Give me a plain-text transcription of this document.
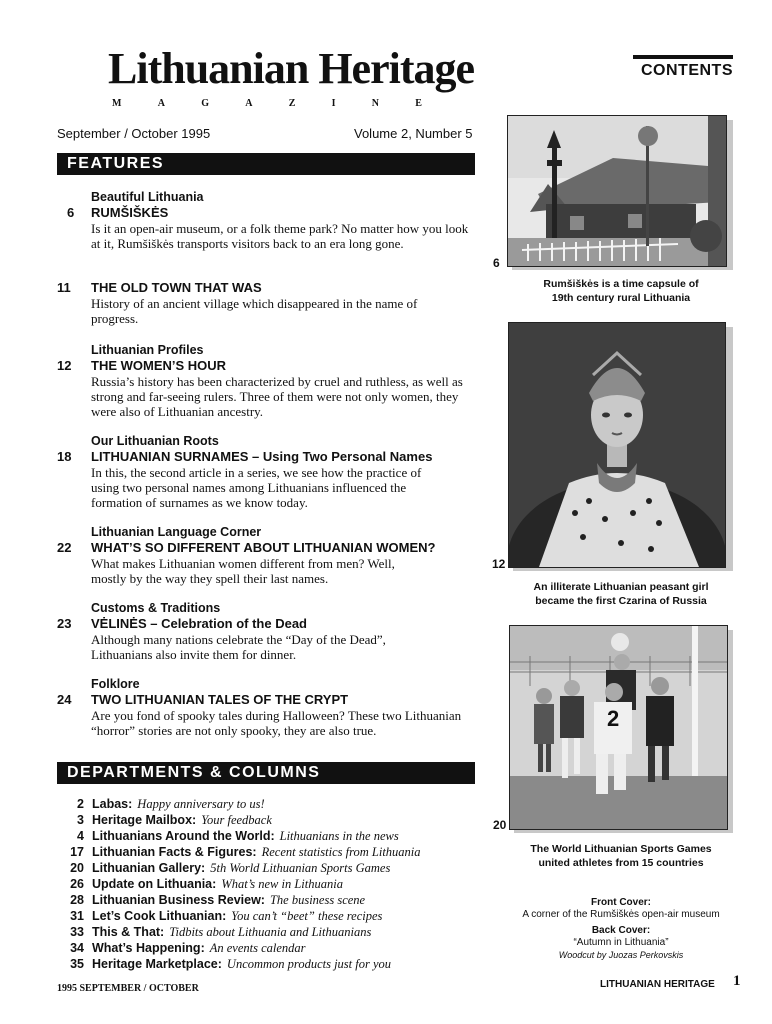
Lithuanian Heritage
M	A	G	A	Z	I	N	E
CONTENTS
September / October 1995	Volume 2, Number 5
FEATURES
Beautiful Lithuania
6	RUMŠIŠKĖS
Is it an open-air museum, or a folk theme park? No matter how you look at it, Rumšiškės transports visitors back to an era long gone.
11	THE OLD TOWN THAT WAS
History of an ancient village which disappeared in the name of progress.
Lithuanian Profiles
12	THE WOMEN’S HOUR
Russia’s history has been characterized by cruel and ruthless, as well as strong and far-seeing rulers. Three of them were not only women, they were also of Lithuanian ancestry.
Our Lithuanian Roots
18	LITHUANIAN SURNAMES – Using Two Personal Names
In this, the second article in a series, we see how the practice of using two personal names among Lithuanians influenced the formation of surnames as we know today.
Lithuanian Language Corner
22	WHAT’S SO DIFFERENT ABOUT LITHUANIAN WOMEN?
What makes Lithuanian women different from men? Well, mostly by the way they spell their last names.
Customs & Traditions
23	VĖLINĖS – Celebration of the Dead
Although many nations celebrate the “Day of the Dead”, Lithuanians also invite them for dinner.
Folklore
24	TWO LITHUANIAN TALES OF THE CRYPT
Are you fond of spooky tales during Halloween? These two Lithuanian “horror” stories are not only spooky, they are also true.
DEPARTMENTS & COLUMNS
2 Labas: Happy anniversary to us!
3 Heritage Mailbox: Your feedback
4 Lithuanians Around the World: Lithuanians in the news
17 Lithuanian Facts & Figures: Recent statistics from Lithuania
20 Lithuanian Gallery: 5th World Lithuanian Sports Games
26 Update on Lithuania: What’s new in Lithuania
28 Lithuanian Business Review: The business scene
31 Let’s Cook Lithuanian: You can’t “beet” these recipes
33 This & That: Tidbits about Lithuania and Lithuanians
34 What’s Happening: An events calendar
35 Heritage Marketplace: Uncommon products just for you
6
Rumšiškės is a time capsule of
19th century rural Lithuania
12
An illiterate Lithuanian peasant girl
became the first Czarina of Russia
2
20
The World Lithuanian Sports Games
united athletes from 15 countries
Front Cover:
A corner of the Rumšiškės open-air museum
Back Cover:
“Autumn in Lithuania”
Woodcut by Juozas Perkovskis
1995 SEPTEMBER / OCTOBER	LITHUANIAN HERITAGE 1
